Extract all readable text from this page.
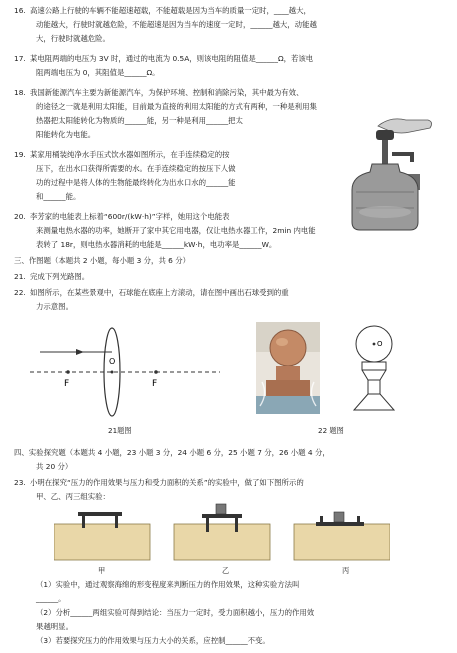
16. 高速公路上行驶的车辆不能超速超载，不能超载是因为当车的质量一定时，____越大，
动能越大，行驶时就越危险，不能超速是因为当车的速度一定时，______越大，动能越
大，行驶时就越危险。
17. 某电阻两端的电压为 3V 时，通过的电流为 0.5A，则该电阻的阻值是______Ω，若该电
阻两端电压为 0，其阻值是______Ω。
18. 我国新能源汽车主要为新能源汽车，为保护环境、控制和消除污染，其中最为有效、
的途径之一就是利用太阳能，目前最为直接的利用太阳能的方式有两种，一种是利用集
热器把太阳能转化为物质的______能，另一种是利用______把太
阳能转化为电能。
19. 某家用桶装纯净水手压式饮水器如图所示，在手连续稳定的按
压下，在出水口获得所需要的水。在手连续稳定的按压下人做
功的过程中是将人体的生物能最终转化为出水口水的______能
和______能。
20. 李芳家的电能表上标着“600r/(kW·h)”字样，她用这个电能表
来测量电热水器的功率，她断开了家中其它用电器，仅让电热水器工作，2min 内电能
表转了 18r，则电热水器消耗的电能是______kW·h，电功率是______W。
三、作图题（本题共 2 小题，每小题 3 分，共 6 分）
21. 完成下列光路图。
22. 如图所示，在某些景观中，石球能在底座上方滚动，请在图中画出石球受到的重
力示意图。
O
F	F
21题图
O
22 题图
四、实验探究题（本题共 4 小题，23 小题 3 分，24 小题 6 分，25 小题 7 分，26 小题 4 分，
共 20 分）
23. 小明在探究“压力的作用效果与压力和受力面积的关系”的实验中，做了如下图所示的
甲、乙、丙三组实验：
甲	乙	丙
（1）实验中，通过观察海绵的形变程度来判断压力的作用效果，这种实验方法叫
______。
（2）分析______两组实验可得到结论：当压力一定时，受力面积越小，压力的作用效
果越明显。
（3）若要探究压力的作用效果与压力大小的关系，应控制______不变。
